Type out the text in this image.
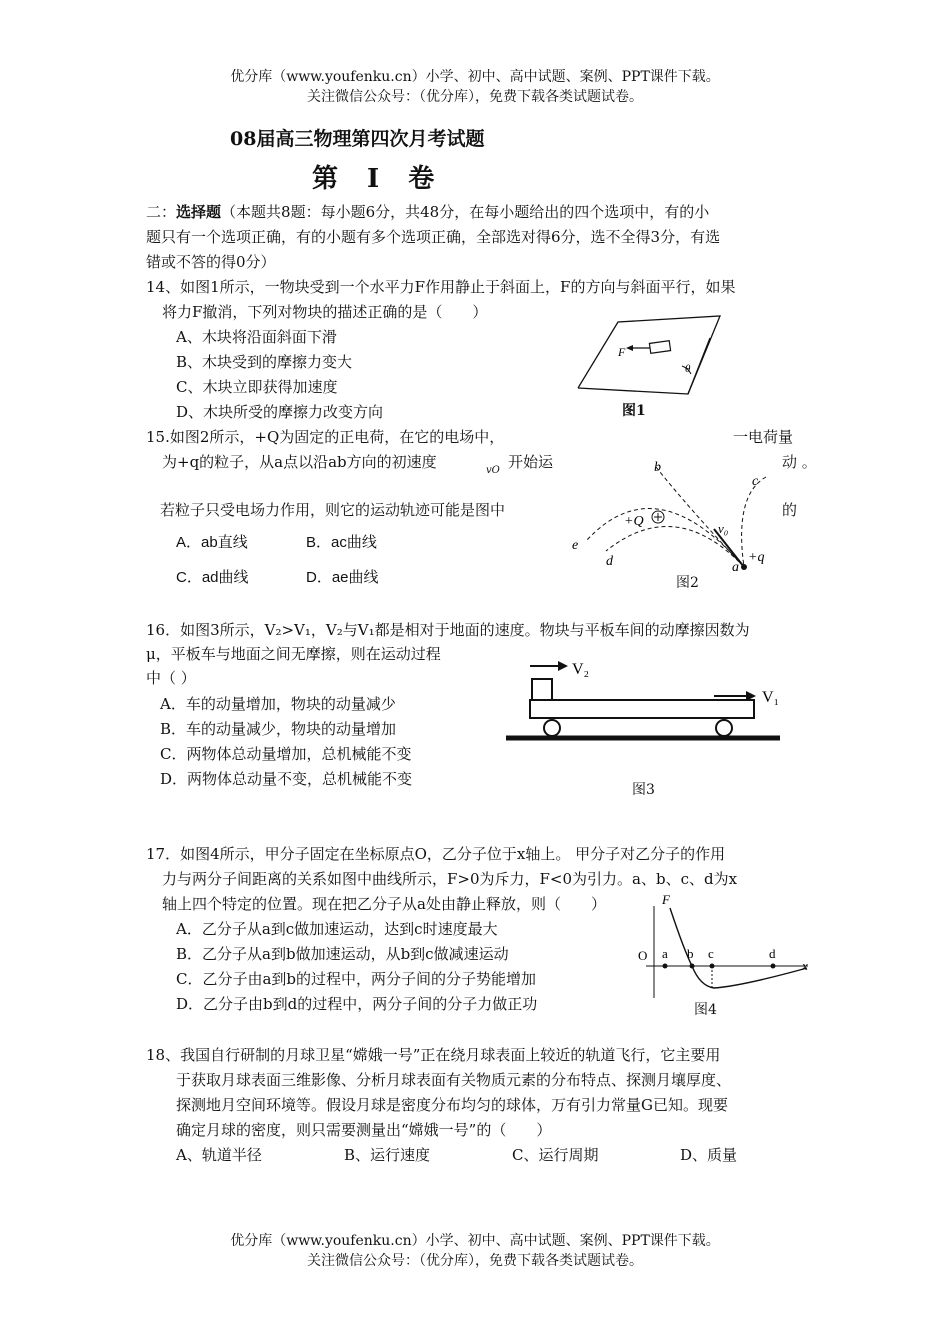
优分库（www.youfenku.cn）小学、初中、高中试题、案例、PPT课件下载。
关注微信公众号：（优分库），免费下载各类试题试卷。
08届高三物理第四次月考试题
第 Ⅰ 卷
二：选择题（本题共8题：每小题6分，共48分，在每小题给出的四个选项中，有的小
题只有一个选项正确，有的小题有多个选项正确，全部选对得6分，选不全得3分，有选
错或不答的得0分）
14、如图1所示，一物块受到一个水平力F作用静止于斜面上，F的方向与斜面平行，如果
将力F撤消，下列对物块的描述正确的是（　　）
A、木块将沿面斜面下滑
B、木块受到的摩擦力变大
C、木块立即获得加速度
D、木块所受的摩擦力改变方向
F
θ
图1
15.如图2所示，+Q为固定的正电荷，在它的电场中，	一电荷量
为+q的粒子，从a点以沿ab方向的初速度	vO 开始运	动 。
若粒子只受电场力作用，则它的运动轨迹可能是图中	的
A．ab直线	B．ac曲线
C．ad曲线	D．ae曲线
b
c
d
e
a
+Q
+q
v₀
图2
16．如图3所示，V₂>V₁，V₂与V₁都是相对于地面的速度。物块与平板车间的动摩擦因数为
μ，平板车与地面之间无摩擦，则在运动过程
中（ ）
A．车的动量增加，物块的动量减少
B．车的动量减少，物块的动量增加
C．两物体总动量增加，总机械能不变
D．两物体总动量不变，总机械能不变
V₂
V₁
图3
17．如图4所示，甲分子固定在坐标原点O，乙分子位于x轴上。 甲分子对乙分子的作用
力与两分子间距离的关系如图中曲线所示，F>0为斥力，F<0为引力。a、b、c、d为x
轴上四个特定的位置。现在把乙分子从a处由静止释放，则（　　）
A．乙分子从a到c做加速运动，达到c时速度最大
B．乙分子从a到b做加速运动，从b到c做减速运动
C．乙分子由a到b的过程中，两分子间的分子势能增加
D．乙分子由b到d的过程中，两分子间的分子力做正功
F
O
x
a b c	d
图4
18、我国自行研制的月球卫星“嫦娥一号”正在绕月球表面上较近的轨道飞行，它主要用
于获取月球表面三维影像、分析月球表面有关物质元素的分布特点、探测月壤厚度、
探测地月空间环境等。假设月球是密度分布均匀的球体，万有引力常量G已知。现要
确定月球的密度，则只需要测量出“嫦娥一号”的（　　）
A、轨道半径	B、运行速度	C、运行周期	D、质量
优分库（www.youfenku.cn）小学、初中、高中试题、案例、PPT课件下载。
关注微信公众号：（优分库），免费下载各类试题试卷。
